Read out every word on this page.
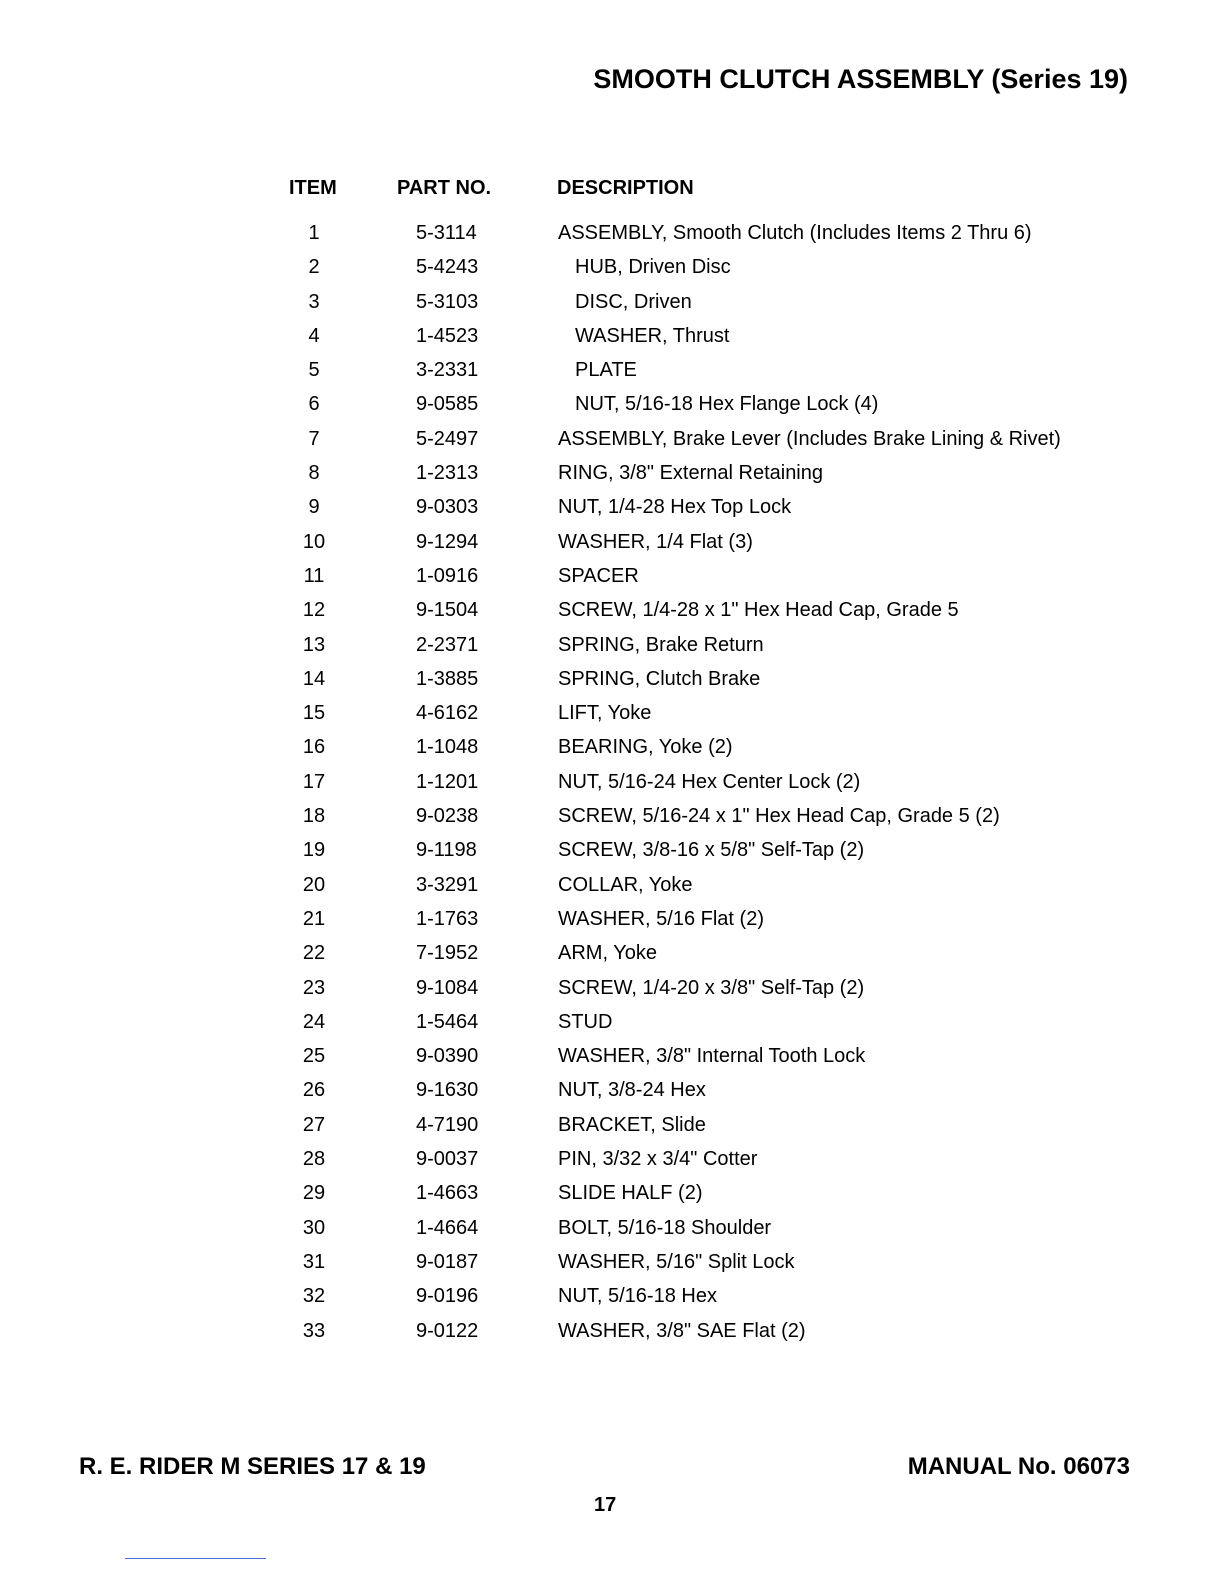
SMOOTH CLUTCH ASSEMBLY (Series 19)
ITEM	PART NO.	DESCRIPTION
1	5-3114	ASSEMBLY, Smooth Clutch (Includes Items 2 Thru 6)
2	5-4243	HUB, Driven Disc
3	5-3103	DISC, Driven
4	1-4523	WASHER, Thrust
5	3-2331	PLATE
6	9-0585	NUT, 5/16-18 Hex Flange Lock (4)
7	5-2497	ASSEMBLY, Brake Lever (Includes Brake Lining & Rivet)
8	1-2313	RING, 3/8" External Retaining
9	9-0303	NUT, 1/4-28 Hex Top Lock
10	9-1294	WASHER, 1/4 Flat (3)
11	1-0916	SPACER
12	9-1504	SCREW, 1/4-28 x 1" Hex Head Cap, Grade 5
13	2-2371	SPRING, Brake Return
14	1-3885	SPRING, Clutch Brake
15	4-6162	LIFT, Yoke
16	1-1048	BEARING, Yoke (2)
17	1-1201	NUT, 5/16-24 Hex Center Lock (2)
18	9-0238	SCREW, 5/16-24 x 1" Hex Head Cap, Grade 5 (2)
19	9-1198	SCREW, 3/8-16 x 5/8" Self-Tap (2)
20	3-3291	COLLAR, Yoke
21	1-1763	WASHER, 5/16 Flat (2)
22	7-1952	ARM, Yoke
23	9-1084	SCREW, 1/4-20 x 3/8" Self-Tap (2)
24	1-5464	STUD
25	9-0390	WASHER, 3/8" Internal Tooth Lock
26	9-1630	NUT, 3/8-24 Hex
27	4-7190	BRACKET, Slide
28	9-0037	PIN, 3/32 x 3/4" Cotter
29	1-4663	SLIDE HALF (2)
30	1-4664	BOLT, 5/16-18 Shoulder
31	9-0187	WASHER, 5/16" Split Lock
32	9-0196	NUT, 5/16-18 Hex
33	9-0122	WASHER, 3/8" SAE Flat (2)
R. E. RIDER M SERIES 17 & 19	MANUAL No. 06073
17
